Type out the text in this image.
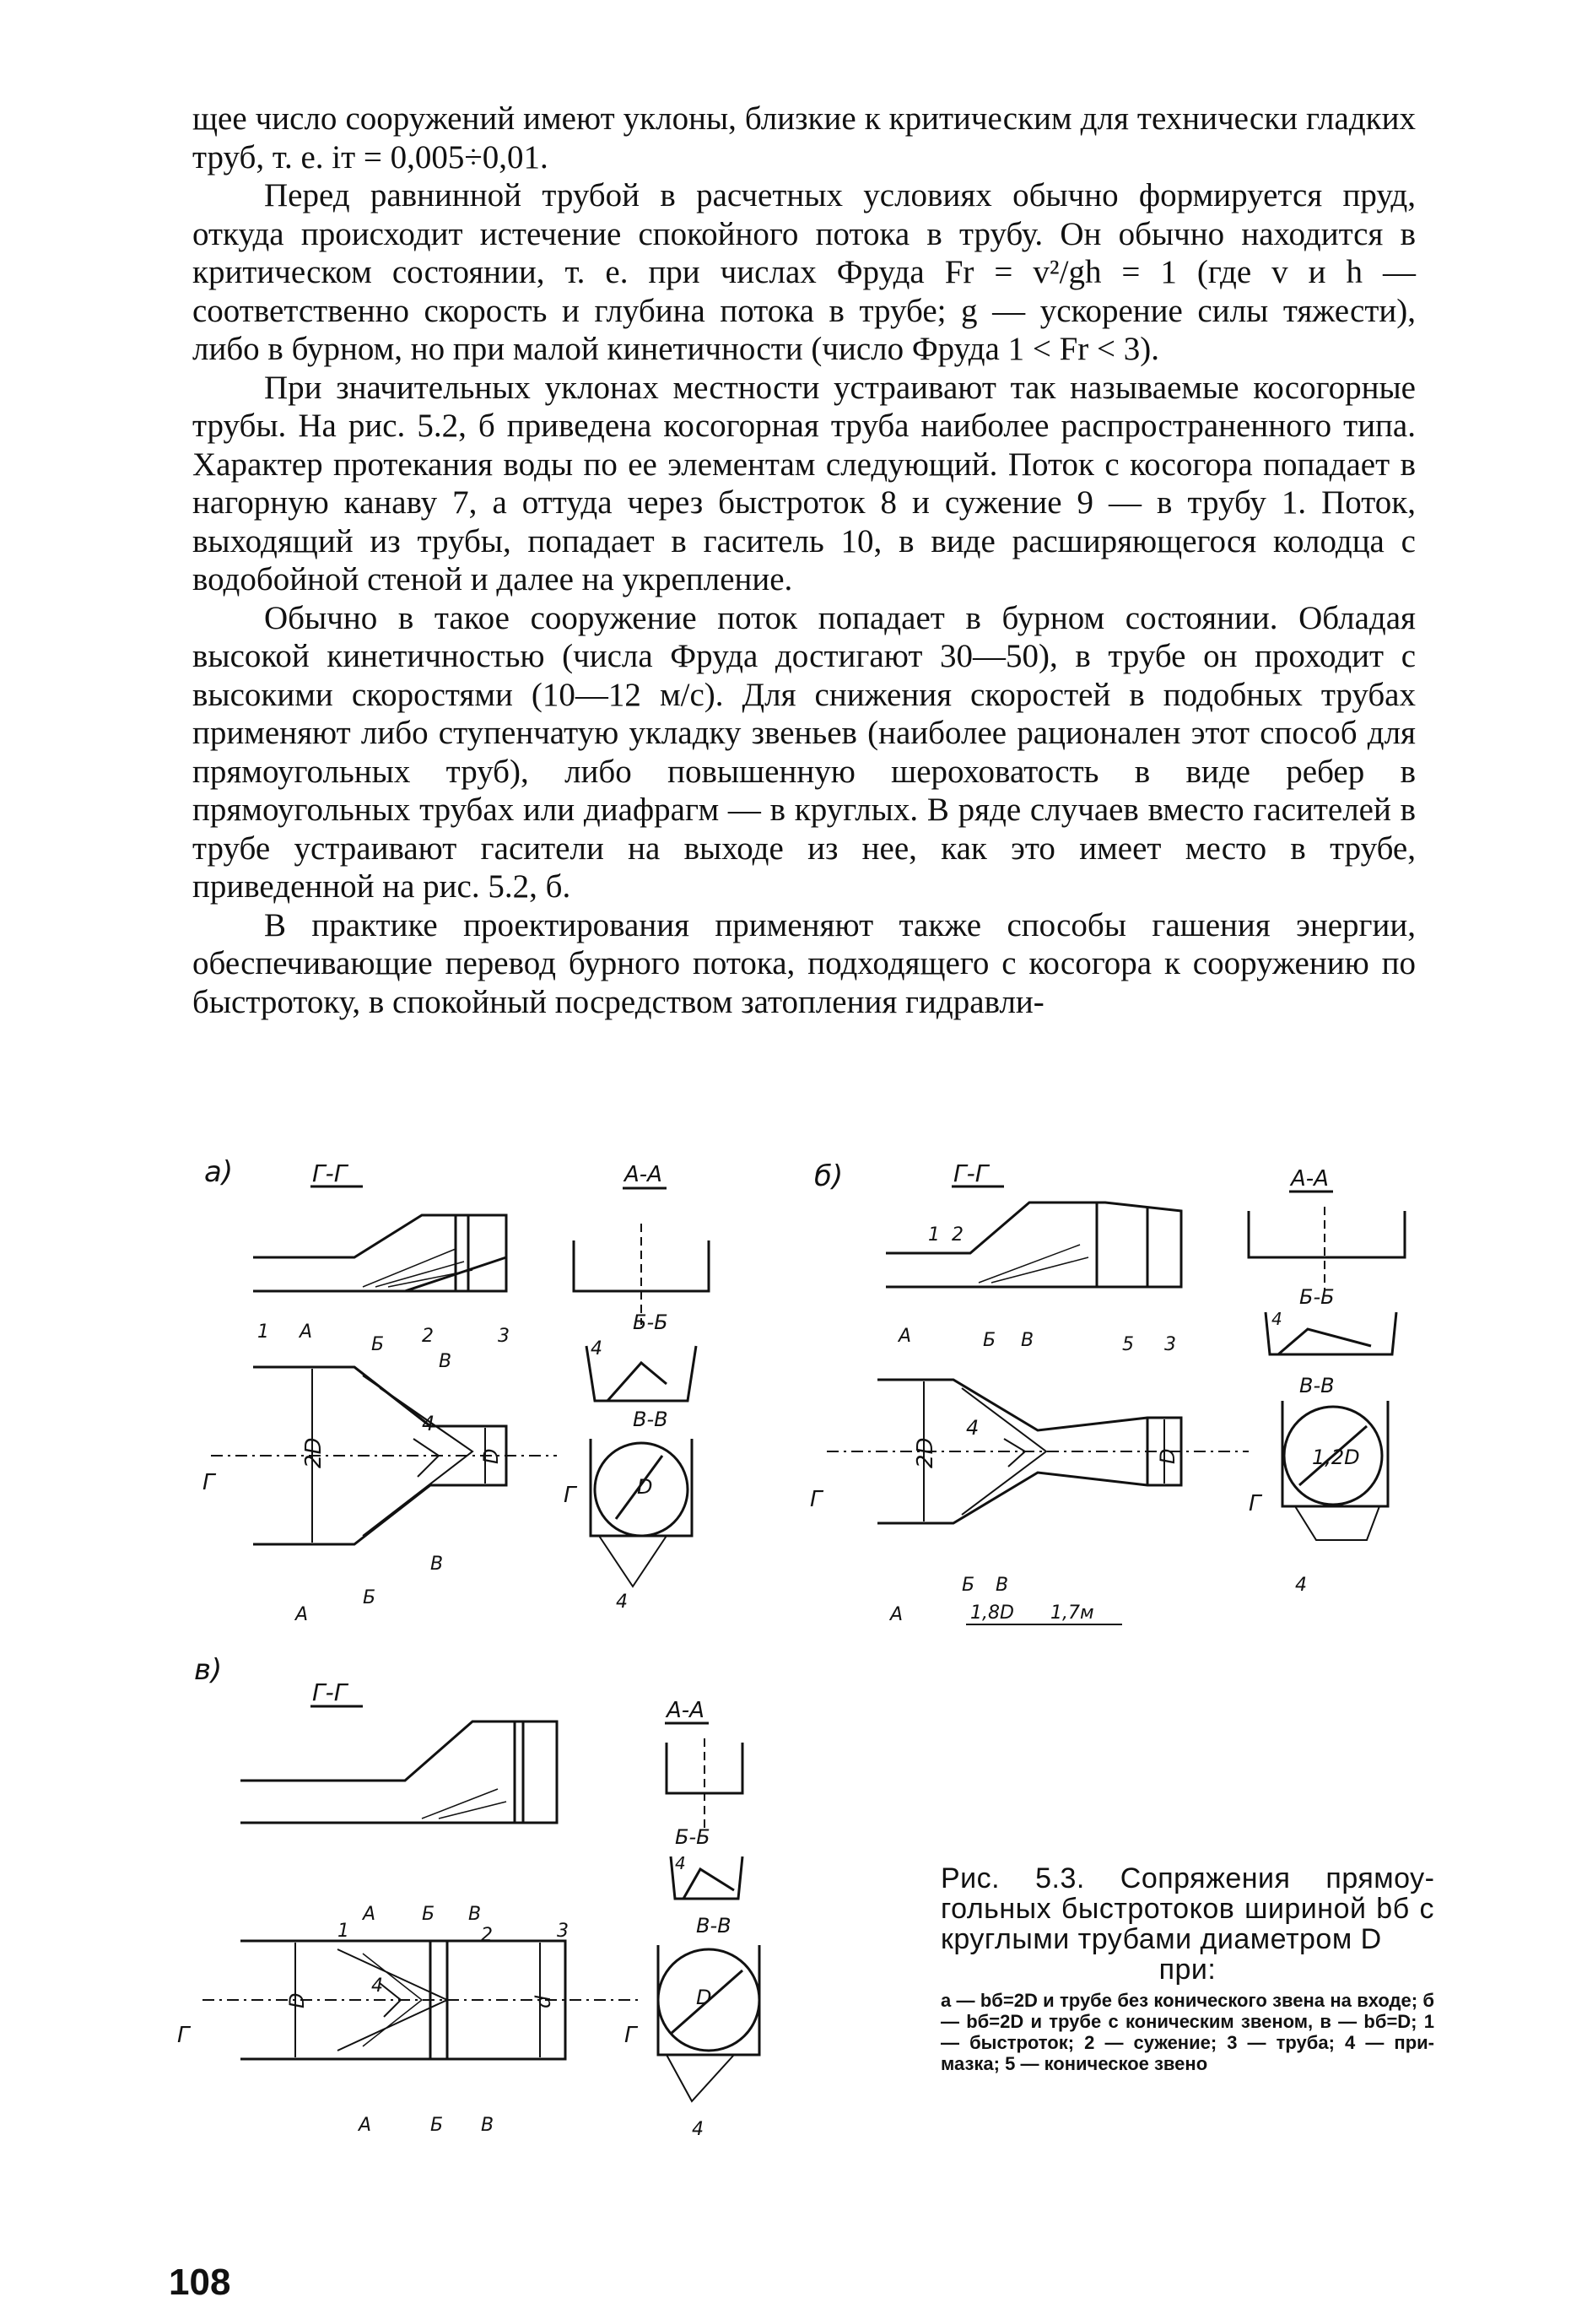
щее число сооружений имеют уклоны, близкие к критическим для технически гладких труб, т. е. iт = 0,005÷0,01.

Перед равнинной трубой в расчетных условиях обычно формируется пруд, откуда происходит истечение спокойного потока в трубу. Он обычно находится в критическом состоянии, т. е. при числах Фруда Fr = v²/gh = 1 (где v и h — соответственно скорость и глубина потока в трубе; g — ускорение силы тяжести), либо в бурном, но при малой кинетичности (число Фруда 1 < Fr < 3).

При значительных уклонах местности устраивают так называемые косогорные трубы. На рис. 5.2, б приведена косогорная труба наиболее распространенного типа. Характер протекания воды по ее элементам следующий. Поток с косогора попадает в нагорную канаву 7, а оттуда через быстроток 8 и сужение 9 — в трубу 1. Поток, выходящий из трубы, попадает в гаситель 10, в виде расширяющегося колодца с водобойной стеной и далее на укрепление.

Обычно в такое сооружение поток попадает в бурном состоянии. Обладая высокой кинетичностью (числа Фруда достигают 30—50), в трубе он проходит с высокими скоростями (10—12 м/с). Для снижения скоростей в подобных трубах применяют либо ступенчатую укладку звеньев (наиболее рационален этот способ для прямоугольных труб), либо повышенную шероховатость в виде ребер в прямоугольных трубах или диафрагм — в круглых. В ряде случаев вместо гасителей в трубе устраивают гасители на выходе из нее, как это имеет место в трубе, приведенной на рис. 5.2, б.

В практике проектирования применяют также способы гашения энергии, обеспечивающие перевод бурного потока, подходящего с косогора к сооружению по быстротоку, в спокойный посредством затопления гидравли-

а)	Г-Г	А-А
Б-Б
4
В-В
D
4
2D	D
4
Г	Г
1 А
Б 2
В
3
А
Б
В
б)	Г-Г
1 2
5 3
А-А
Б-Б
4
В-В
1,2D
4
2D	D
4
Г	Г
А	Б В
А
Б В
1,8D 1,7м
в)
Г-Г
А-А
Б-Б
4
В-В
D
4
D	d
4
Г	Г
1
А Б В
2	3
А	Б В
Рис. 5.3. Сопряжения прямоугольных быстротоков шириной bб с круглыми трубами диаметром D
при:
а — bб=2D и трубе без конического звена на входе; б — bб=2D и трубе с коническим звеном, в — bб=D; 1 — быстроток; 2 — сужение; 3 — труба; 4 — примазка; 5 — коническое звено
108
